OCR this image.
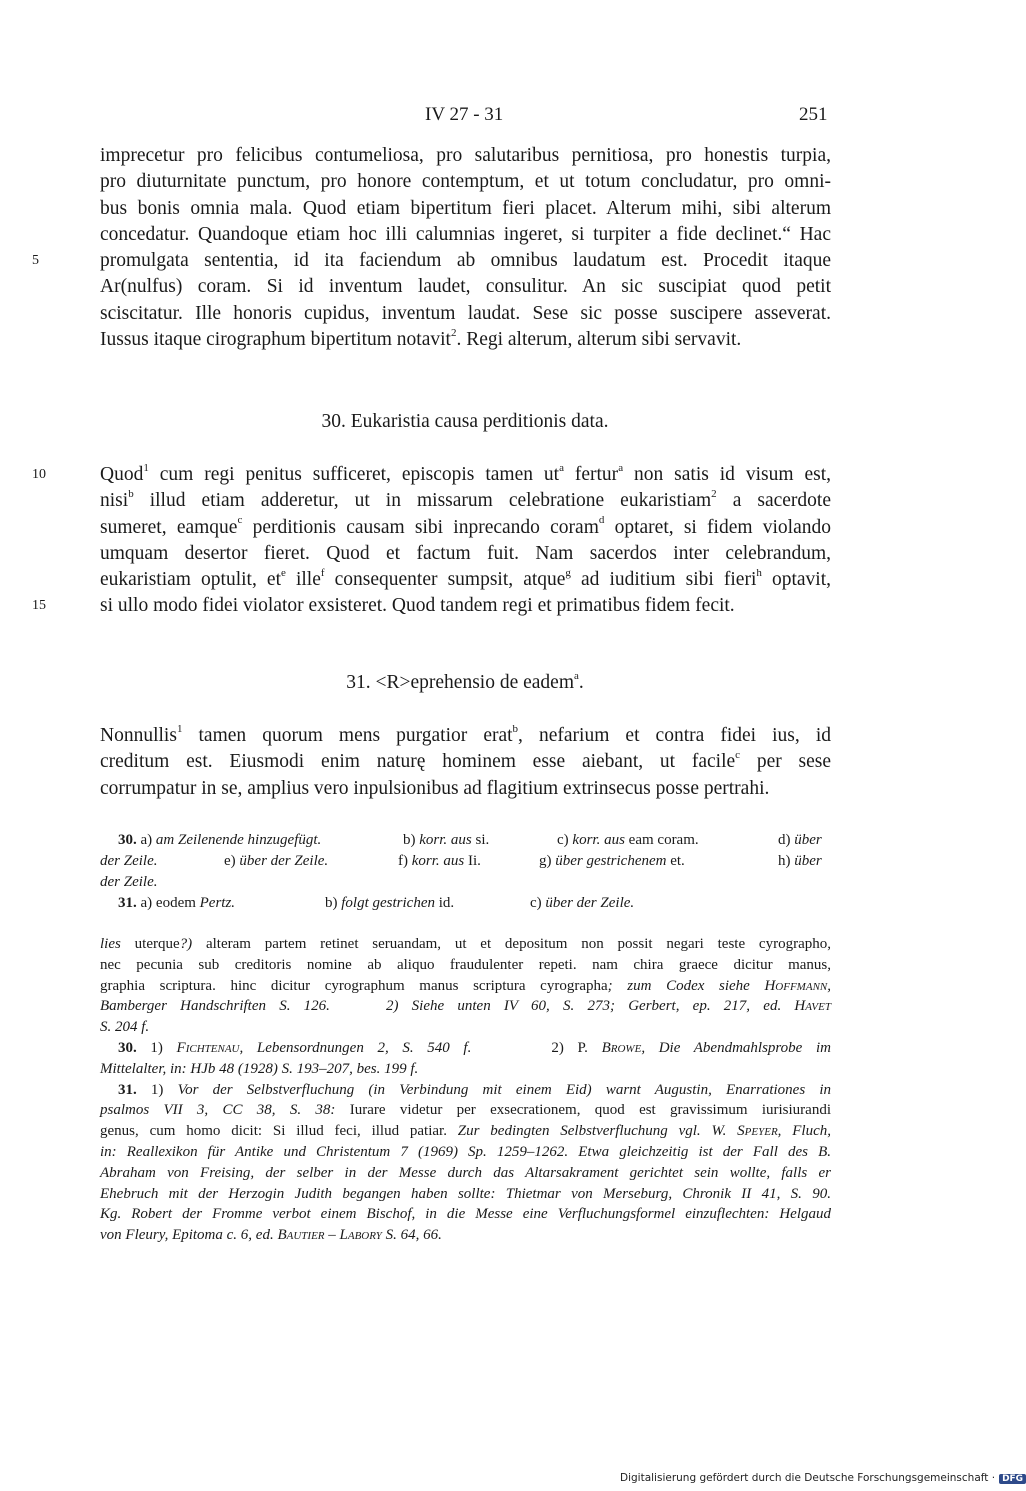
IV 27 - 31	251
imprecetur pro felicibus contumeliosa, pro salutaribus pernitiosa, pro honestis turpia,
pro diuturnitate punctum, pro honore contemptum, et ut totum concludatur, pro omni-
bus bonis omnia mala. Quod etiam bipertitum fieri placet. Alterum mihi, sibi alterum
concedatur. Quandoque etiam hoc illi calumnias ingeret, si turpiter a fide declinet.“ Hac
5	promulgata sententia, id ita faciendum ab omnibus laudatum est. Procedit itaque
Ar(nulfus) coram. Si id inventum laudet, consulitur. An sic suscipiat quod petit
sciscitatur. Ille honoris cupidus, inventum laudat. Sese sic posse suscipere asseverat.
Iussus itaque cirographum bipertitum notavit$^2$. Regi alterum, alterum sibi servavit.
30. Eukaristia causa perditionis data.
10	Quod$^1$ cum regi penitus sufficeret, episcopis tamen $ut^a$ fertur$^a$ non satis id visum est,
nisi$^b$ illud etiam adderetur, ut in missarum celebratione eukaristiam$^2$ a sacerdote
sumeret, eamque$^c$ perditionis causam sibi inprecando coram$^d$ optaret, si fidem violando
umquam desertor fieret. Quod et factum fuit. Nam sacerdos inter celebrandum,
eukaristiam optulit, $et^e$ ille$^f$ consequenter sumpsit, atque$^g$ ad iuditium sibi fieri$^h$ optavit,
15	si ullo modo fidei violator exsisteret. Quod tandem regi et primatibus fidem fecit.
31. <R>eprehensio de eadem$^a$.
Nonnullis$^1$ tamen quorum mens purgatior erat$^b$, nefarium et contra fidei ius, id
creditum est. Eiusmodi enim naturę hominem esse aiebant, ut facile$^c$ per sese
corrumpatur in se, amplius vero inpulsionibus ad flagitium extrinsecus posse pertrahi.
30. a) am Zeilenende hinzugefügt.	b) korr. aus si.	c) korr. aus eam coram.	d) über
der Zeile.	e) über der Zeile.	f) korr. aus Ii.	g) über gestrichenem et.	h) über
der Zeile.
31. a) eodem Pertz.	b) folgt gestrichen id.	c) über der Zeile.
lies uterque?) alteram partem retinet seruandam, ut et depositum non possit negari teste cyrographo,
nec pecunia sub creditoris nomine ab aliquo fraudulenter repeti. nam chira graece dicitur manus,
graphia scriptura. hinc dicitur cyrographum manus scriptura cyrographa; zum Codex siehe Hoffmann,
Bamberger Handschriften S. 126.	2) Siehe unten IV 60, S. 273; Gerbert, ep. 217, ed. Havet
S. 204 f.
30. 1) Fichtenau, Lebensordnungen 2, S. 540 f.	2) P. Browe, Die Abendmahlsprobe im
Mittelalter, in: HJb 48 (1928) S. 193–207, bes. 199 f.
31. 1) Vor der Selbstverfluchung (in Verbindung mit einem Eid) warnt Augustin, Enarrationes in
psalmos VII 3, CC 38, S. 38: Iurare videtur per exsecrationem, quod est gravissimum iurisiurandi
genus, cum homo dicit: Si illud feci, illud patiar. Zur bedingten Selbstverfluchung vgl. W. Speyer, Fluch,
in: Reallexikon für Antike und Christentum 7 (1969) Sp. 1259–1262. Etwa gleichzeitig ist der Fall des B.
Abraham von Freising, der selber in der Messe durch das Altarsakrament gerichtet sein wollte, falls er
Ehebruch mit der Herzogin Judith begangen haben sollte: Thietmar von Merseburg, Chronik II 41, S. 90.
Kg. Robert der Fromme verbot einem Bischof, in die Messe eine Verfluchungsformel einzuflechten: Helgaud
von Fleury, Epitoma c. 6, ed. Bautier – Labory S. 64, 66.
Digitalisierung gefördert durch die Deutsche Forschungsgemeinschaft · DFG
